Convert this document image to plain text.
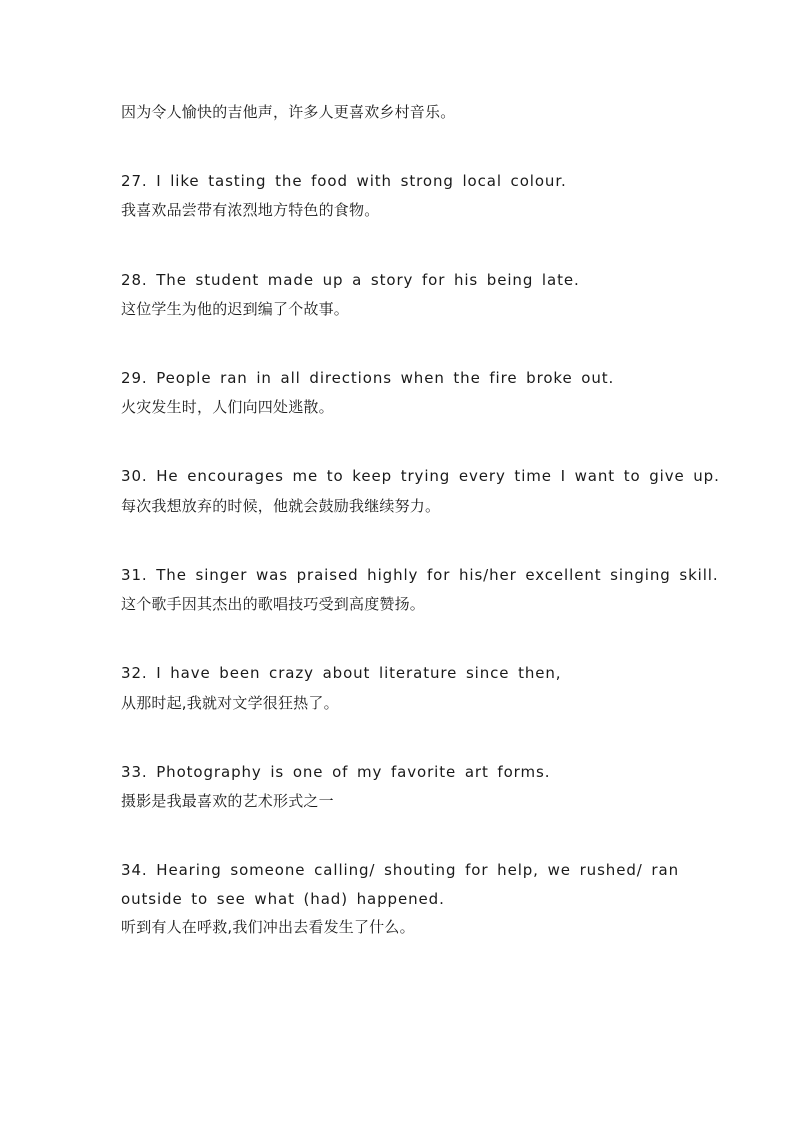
因为令人愉快的吉他声，许多人更喜欢乡村音乐。
27. I like tasting the food with strong local colour.
我喜欢品尝带有浓烈地方特色的食物。
28. The student made up a story for his being late.
这位学生为他的迟到编了个故事。
29. People ran in all directions when the fire broke out.
火灾发生时，人们向四处逃散。
30. He encourages me to keep trying every time I want to give up.
每次我想放弃的时候，他就会鼓励我继续努力。
31. The singer was praised highly for his/her excellent singing skill.
这个歌手因其杰出的歌唱技巧受到高度赞扬。
32. I have been crazy about literature since then,
从那时起,我就对文学很狂热了。
33. Photography is one of my favorite art forms.
摄影是我最喜欢的艺术形式之一
34. Hearing someone calling/ shouting for help, we rushed/ ran
outside to see what (had) happened.
听到有人在呼救,我们冲出去看发生了什么。
